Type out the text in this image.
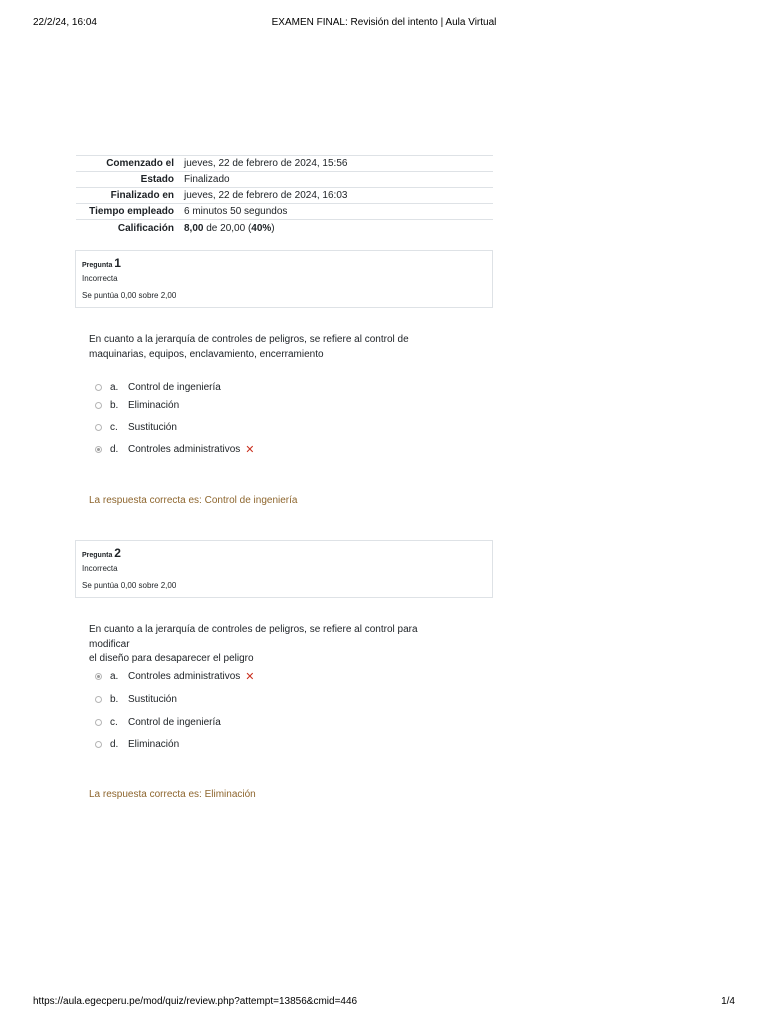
22/2/24, 16:04	EXAMEN FINAL: Revisión del intento | Aula Virtual
Comenzado el	jueves, 22 de febrero de 2024, 15:56
Estado	Finalizado
Finalizado en	jueves, 22 de febrero de 2024, 16:03
Tiempo empleado	6 minutos 50 segundos
Calificación	8,00 de 20,00 (40%)
Pregunta 1
Incorrecta
Se puntúa 0,00 sobre 2,00
En cuanto a la jerarquía de controles de peligros, se refiere al control de
maquinarias, equipos, enclavamiento, encerramiento
a. Control de ingeniería
b. Eliminación
c.	Sustitución
d. Controles administrativos ✕
La respuesta correcta es: Control de ingeniería
Pregunta 2
Incorrecta
Se puntúa 0,00 sobre 2,00
En cuanto a la jerarquía de controles de peligros, se refiere al control para modificar
el diseño para desaparecer el peligro
a. Controles administrativos ✕
b. Sustitución
c.	Control de ingeniería
d. Eliminación
La respuesta correcta es: Eliminación
https://aula.egecperu.pe/mod/quiz/review.php?attempt=13856&cmid=446	1/4
